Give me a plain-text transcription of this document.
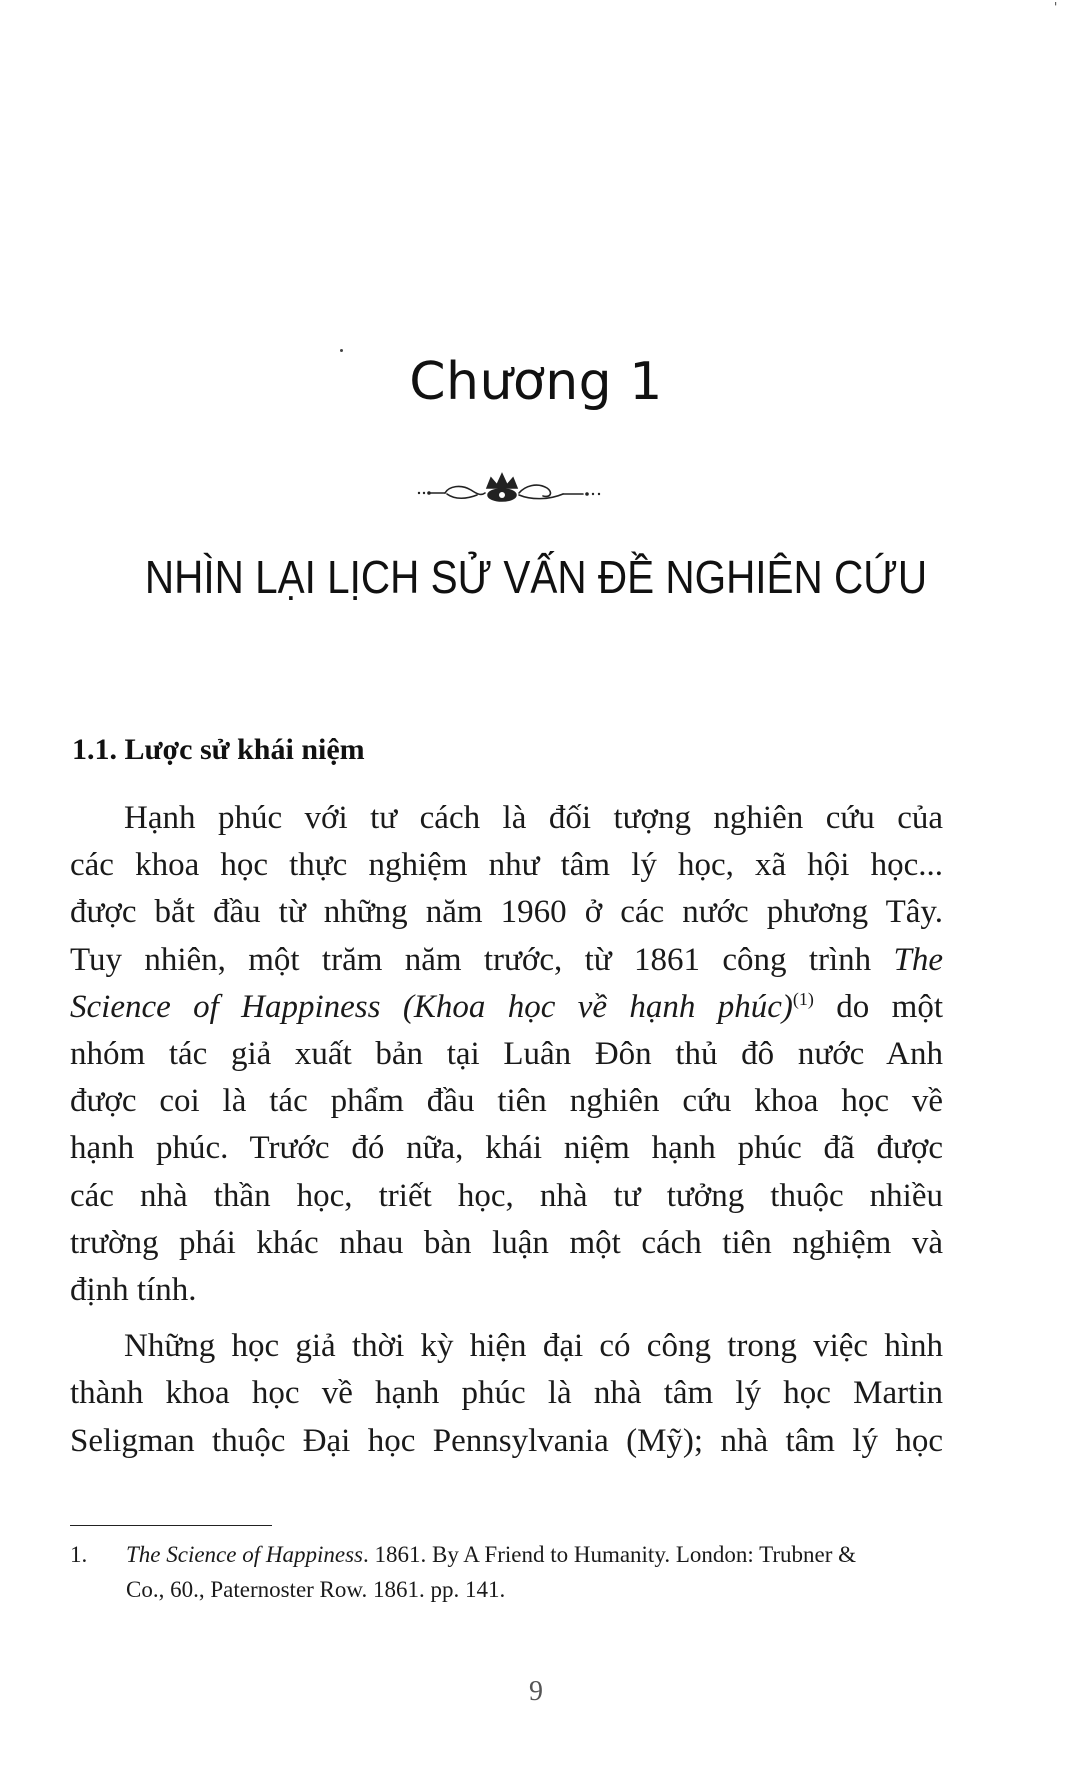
'
Chương 1
NHÌN LẠI LỊCH SỬ VẤN ĐỀ NGHIÊN CỨU
1.1. Lược sử khái niệm
Hạnh phúc với tư cách là đối tượng nghiên cứu của
các khoa học thực nghiệm như tâm lý học, xã hội học...
được bắt đầu từ những năm 1960 ở các nước phương Tây.
Tuy nhiên, một trăm năm trước, từ 1861 công trình The
Science of Happiness (Khoa học về hạnh phúc)$^{(1)}$ do một
nhóm tác giả xuất bản tại Luân Đôn thủ đô nước Anh
được coi là tác phẩm đầu tiên nghiên cứu khoa học về
hạnh phúc. Trước đó nữa, khái niệm hạnh phúc đã được
các nhà thần học, triết học, nhà tư tưởng thuộc nhiều
trường phái khác nhau bàn luận một cách tiên nghiệm và
định tính.
Những học giả thời kỳ hiện đại có công trong việc hình
thành khoa học về hạnh phúc là nhà tâm lý học Martin
Seligman thuộc Đại học Pennsylvania (Mỹ); nhà tâm lý học
1. The Science of Happiness. 1861. By A Friend to Humanity. London: Trubner &
Co., 60., Paternoster Row. 1861. pp. 141.
9
